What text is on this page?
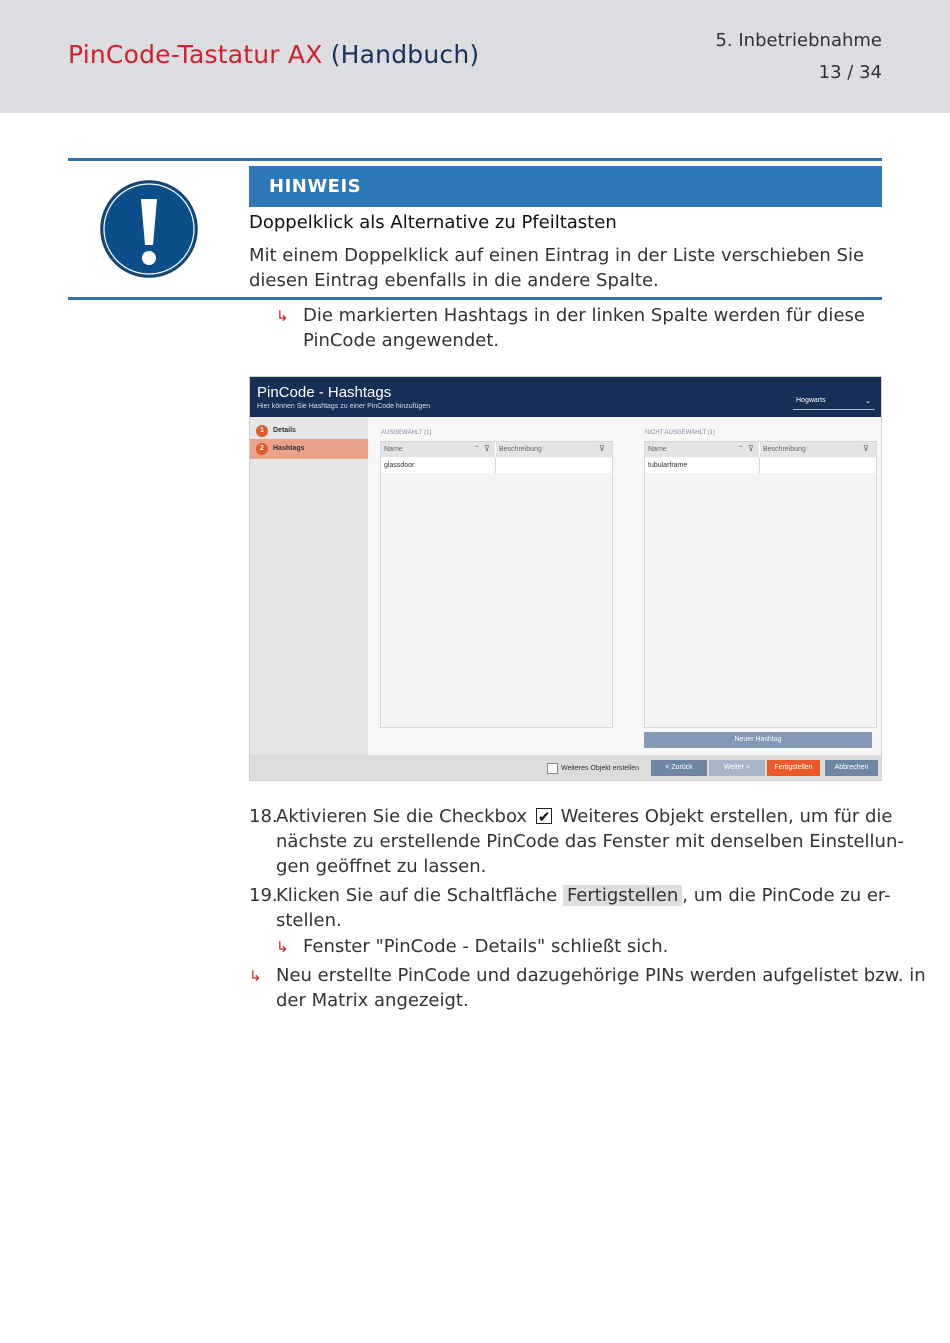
PinCode-Tastatur AX (Handbuch)	5. Inbetriebnahme
13 / 34
HINWEIS
Doppelklick als Alternative zu Pfeiltasten
Mit einem Doppelklick auf einen Eintrag in der Liste verschieben Sie diesen Eintrag ebenfalls in die andere Spalte.
↳ Die markierten Hashtags in der linken Spalte werden für diese
PinCode angewendet.
PinCode - Hashtags
Hier können Sie Hashtags zu einer PinCode hinzufügen
Hogwarts	⌄
1	Details
2	Hashtags
AUSGEWÄHLT (1)
Name	⌃ ⊽ Beschreibung	⊽
glassdoor
NICHT AUSGEWÄHLT (1)
Name	⌃ ⊽ Beschreibung	⊽
tubularframe
Neuer Hashtag
Weiteres Objekt erstellen	< Zurück	Weiter >	Fertigstellen	Abbrechen
18.
Aktivieren Sie die Checkbox ✔ Weiteres Objekt erstellen, um für die
nächste zu erstellende PinCode das Fenster mit denselben Einstellun-
gen geöffnet zu lassen.
19.
Klicken Sie auf die Schaltfläche Fertigstellen , um die PinCode zu er-
stellen.
↳ Fenster "PinCode - Details" schließt sich.
↳ Neu erstellte PinCode und dazugehörige PINs werden aufgelistet bzw. in
der Matrix angezeigt.
